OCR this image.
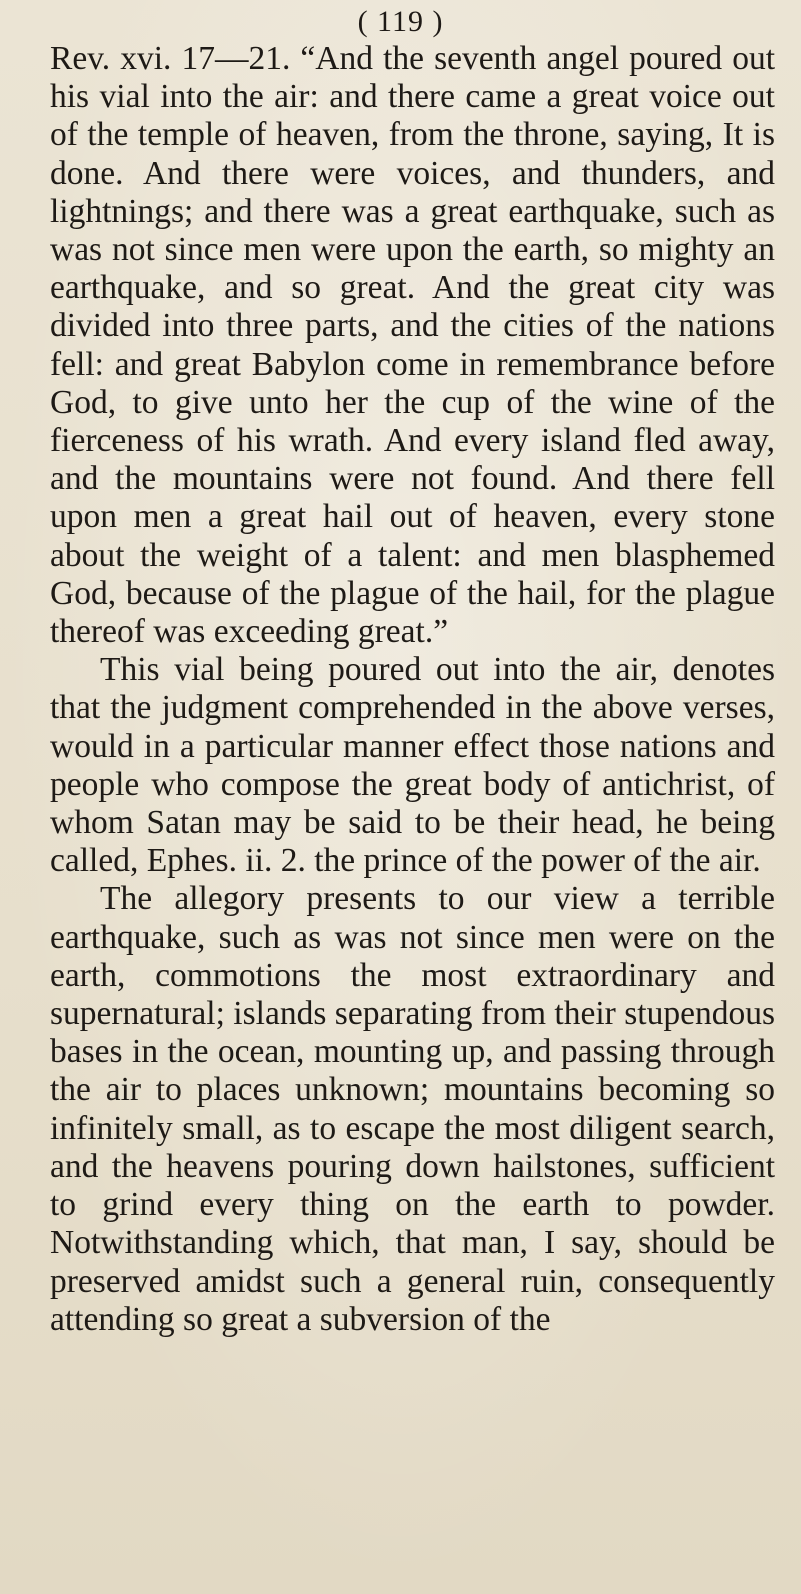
( 119 )

Rev. xvi. 17—21. “And the seventh angel poured out his vial into the air: and there came a great voice out of the temple of heaven, from the throne, saying, It is done. And there were voices, and thunders, and lightnings; and there was a great earthquake, such as was not since men were upon the earth, so mighty an earthquake, and so great. And the great city was divided into three parts, and the cities of the nations fell: and great Babylon come in remembrance before God, to give unto her the cup of the wine of the fierceness of his wrath. And every island fled away, and the mountains were not found. And there fell upon men a great hail out of heaven, every stone about the weight of a talent: and men blasphemed God, because of the plague of the hail, for the plague thereof was exceeding great.”

This vial being poured out into the air, denotes that the judgment comprehended in the above verses, would in a particular manner effect those nations and people who compose the great body of antichrist, of whom Satan may be said to be their head, he being called, Ephes. ii. 2. the prince of the power of the air.

The allegory presents to our view a terrible earthquake, such as was not since men were on the earth, commotions the most extraordinary and supernatural; islands separating from their stupendous bases in the ocean, mounting up, and passing through the air to places unknown; mountains becoming so infinitely small, as to escape the most diligent search, and the heavens pouring down hailstones, sufficient to grind every thing on the earth to powder. Notwithstanding which, that man, I say, should be preserved amidst such a general ruin, consequently attending so great a subversion of the
